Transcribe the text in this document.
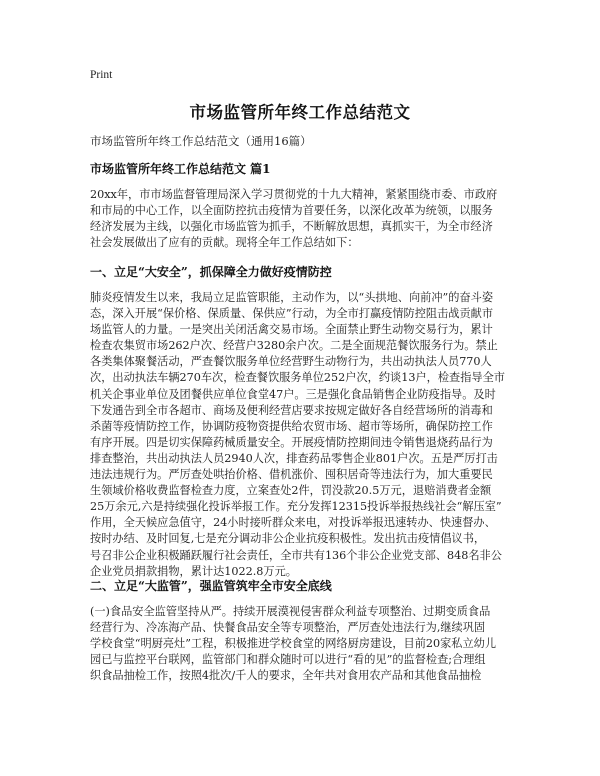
Print
市场监管所年终工作总结范文
市场监管所年终工作总结范文（通用16篇）
市场监管所年终工作总结范文 篇1

20xx年，市市场监督管理局深入学习贯彻党的十九大精神，紧紧围绕市委、市政府
和市局的中心工作，以全面防控抗击疫情为首要任务，以深化改革为统领，以服务
经济发展为主线，以强化市场监管为抓手，不断解放思想，真抓实干，为全市经济
社会发展做出了应有的贡献。现将全年工作总结如下：

一、立足“大安全”，抓保障全力做好疫情防控

肺炎疫情发生以来，我局立足监管职能，主动作为，以“头拱地、向前冲”的奋斗姿
态，深入开展“保价格、保质量、保供应”行动，为全市打赢疫情防控阻击战贡献市
场监管人的力量。一是突出关闭活禽交易市场。全面禁止野生动物交易行为，累计
检查农集贸市场262户次、经营户3280余户次。二是全面规范餐饮服务行为。禁止
各类集体聚餐活动，严查餐饮服务单位经营野生动物行为，共出动执法人员770人
次，出动执法车辆270车次，检查餐饮服务单位252户次，约谈13户，检查指导全市
机关企事业单位及团餐供应单位食堂47户。三是强化食品销售企业防疫指导。及时
下发通告到全市各超市、商场及便利经营店要求按规定做好各自经营场所的消毒和
杀菌等疫情防控工作，协调防疫物资提供给农贸市场、超市等场所，确保防控工作
有序开展。四是切实保障药械质量安全。开展疫情防控期间违令销售退烧药品行为
排查整治，共出动执法人员2940人次，排查药品零售企业801户次。五是严厉打击
违法违规行为。严厉查处哄抬价格、借机涨价、囤积居奇等违法行为，加大重要民
生领域价格收费监督检查力度，立案查处2件，罚没款20.5万元，退赔消费者金额
25万余元,六是持续强化投诉举报工作。充分发挥12315投诉举报热线社会“解压室”
作用，全天候应急值守，24小时接听群众来电，对投诉举报迅速转办、快速督办、
按时办结、及时回复,七是充分调动非公企业抗疫积极性。发出抗击疫情倡议书，
号召非公企业积极踊跃履行社会责任，全市共有136个非公企业党支部、848名非公
企业党员捐款捐物，累计达1022.8万元。

二、立足“大监管”，强监管筑牢全市安全底线

(一)食品安全监管坚持从严。持续开展漠视侵害群众利益专项整治、过期变质食品
经营行为、冷冻海产品、快餐食品安全等专项整治，严厉查处违法行为,继续巩固
学校食堂“明厨亮灶”工程，积极推进学校食堂的网络厨房建设，目前20家私立幼儿
园已与监控平台联网，监管部门和群众随时可以进行“看的见”的监督检查;合理组
织食品抽检工作，按照4批次/千人的要求，全年共对食用农产品和其他食品抽检
